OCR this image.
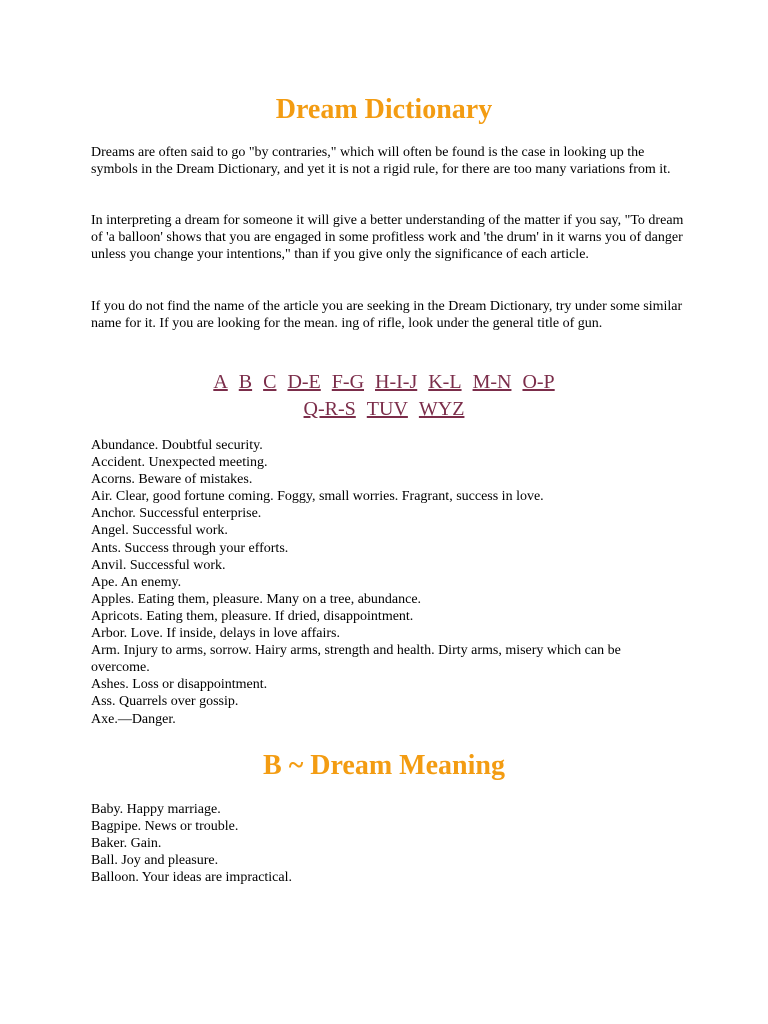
Dream Dictionary

Dreams are often said to go "by contraries," which will often be found is the case in looking up the symbols in the Dream Dictionary, and yet it is not a rigid rule, for there are too many variations from it.

In interpreting a dream for someone it will give a better understanding of the matter if you say, "To dream of 'a balloon' shows that you are engaged in some profitless work and 'the drum' in it warns you of danger unless you change your intentions," than if you give only the significance of each article.

If you do not find the name of the article you are seeking in the Dream Dictionary, try under some similar name for it. If you are looking for the mean. ing of rifle, look under the general title of gun.

A B C D-E F-G H-I-J K-L M-N O-P
Q-R-S TUV WYZ
Abundance. Doubtful security.
Accident. Unexpected meeting.
Acorns. Beware of mistakes.
Air. Clear, good fortune coming. Foggy, small worries. Fragrant, success in love.
Anchor. Successful enterprise.
Angel. Successful work.
Ants. Success through your efforts.
Anvil. Successful work.
Ape. An enemy.
Apples. Eating them, pleasure. Many on a tree, abundance.
Apricots. Eating them, pleasure. If dried, disappointment.
Arbor. Love. If inside, delays in love affairs.
Arm. Injury to arms, sorrow. Hairy arms, strength and health. Dirty arms, misery which can be overcome.
Ashes. Loss or disappointment.
Ass. Quarrels over gossip.
Axe.—Danger.
B ~ Dream Meaning
Baby. Happy marriage.
Bagpipe. News or trouble.
Baker. Gain.
Ball. Joy and pleasure.
Balloon. Your ideas are impractical.
